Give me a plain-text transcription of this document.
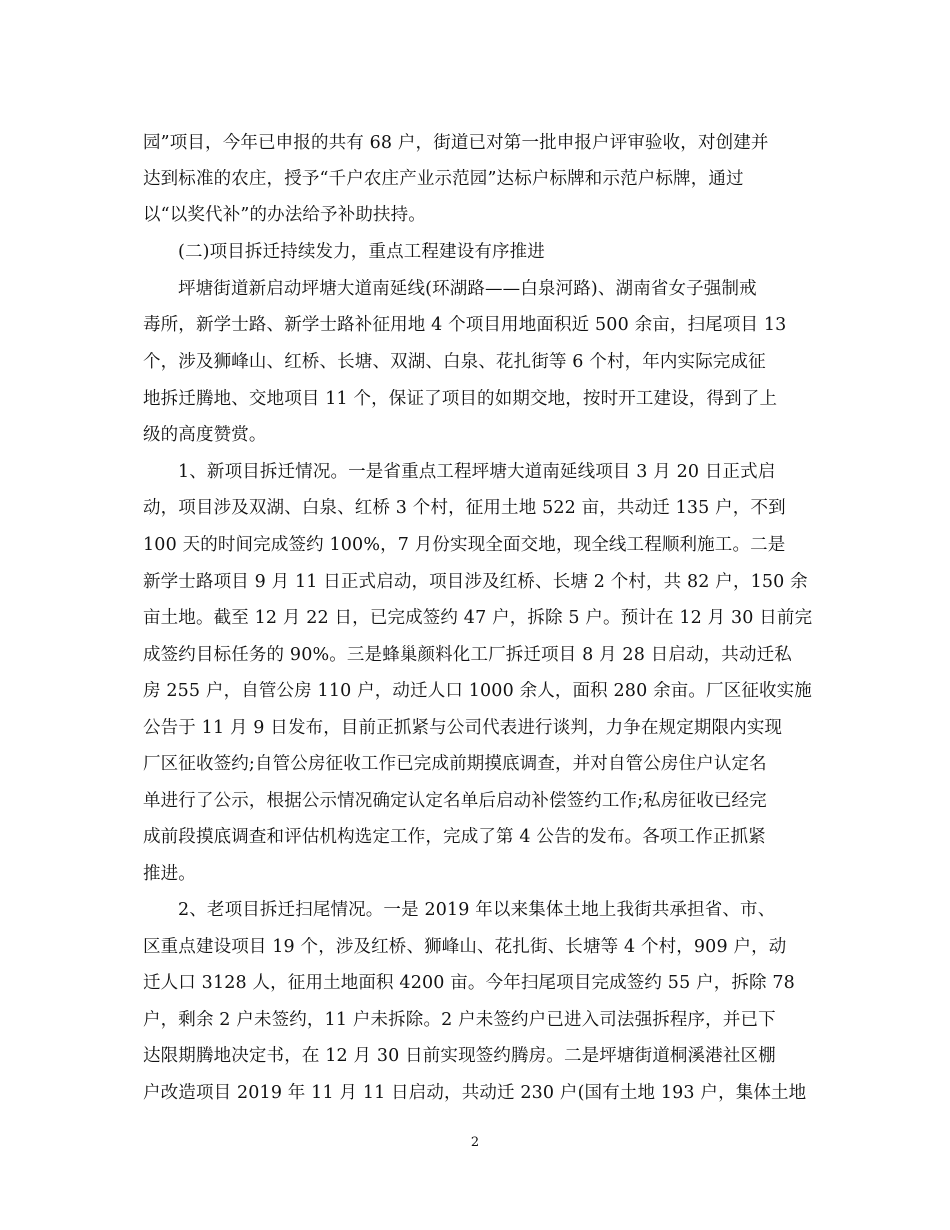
园”项目，今年已申报的共有 68 户，街道已对第一批申报户评审验收，对创建并
达到标准的农庄，授予“千户农庄产业示范园”达标户标牌和示范户标牌，通过
以“以奖代补”的办法给予补助扶持。
(二)项目拆迁持续发力，重点工程建设有序推进
坪塘街道新启动坪塘大道南延线(环湖路——白泉河路)、湖南省女子强制戒
毒所，新学士路、新学士路补征用地 4 个项目用地面积近 500 余亩，扫尾项目 13
个，涉及狮峰山、红桥、长塘、双湖、白泉、花扎街等 6 个村，年内实际完成征
地拆迁腾地、交地项目 11 个，保证了项目的如期交地，按时开工建设，得到了上
级的高度赞赏。
1、新项目拆迁情况。一是省重点工程坪塘大道南延线项目 3 月 20 日正式启
动，项目涉及双湖、白泉、红桥 3 个村，征用土地 522 亩，共动迁 135 户，不到
100 天的时间完成签约 100%，7 月份实现全面交地，现全线工程顺利施工。二是
新学士路项目 9 月 11 日正式启动，项目涉及红桥、长塘 2 个村，共 82 户，150 余
亩土地。截至 12 月 22 日，已完成签约 47 户，拆除 5 户。预计在 12 月 30 日前完
成签约目标任务的 90%。三是蜂巢颜料化工厂拆迁项目 8 月 28 日启动，共动迁私
房 255 户，自管公房 110 户，动迁人口 1000 余人，面积 280 余亩。厂区征收实施
公告于 11 月 9 日发布，目前正抓紧与公司代表进行谈判，力争在规定期限内实现
厂区征收签约;自管公房征收工作已完成前期摸底调查，并对自管公房住户认定名
单进行了公示，根据公示情况确定认定名单后启动补偿签约工作;私房征收已经完
成前段摸底调查和评估机构选定工作，完成了第 4 公告的发布。各项工作正抓紧
推进。
2、老项目拆迁扫尾情况。一是 2019 年以来集体土地上我街共承担省、市、
区重点建设项目 19 个，涉及红桥、狮峰山、花扎街、长塘等 4 个村，909 户，动
迁人口 3128 人，征用土地面积 4200 亩。今年扫尾项目完成签约 55 户，拆除 78
户，剩余 2 户未签约，11 户未拆除。2 户未签约户已进入司法强拆程序，并已下
达限期腾地决定书，在 12 月 30 日前实现签约腾房。二是坪塘街道桐溪港社区棚
户改造项目 2019 年 11 月 11 日启动，共动迁 230 户(国有土地 193 户，集体土地
2
